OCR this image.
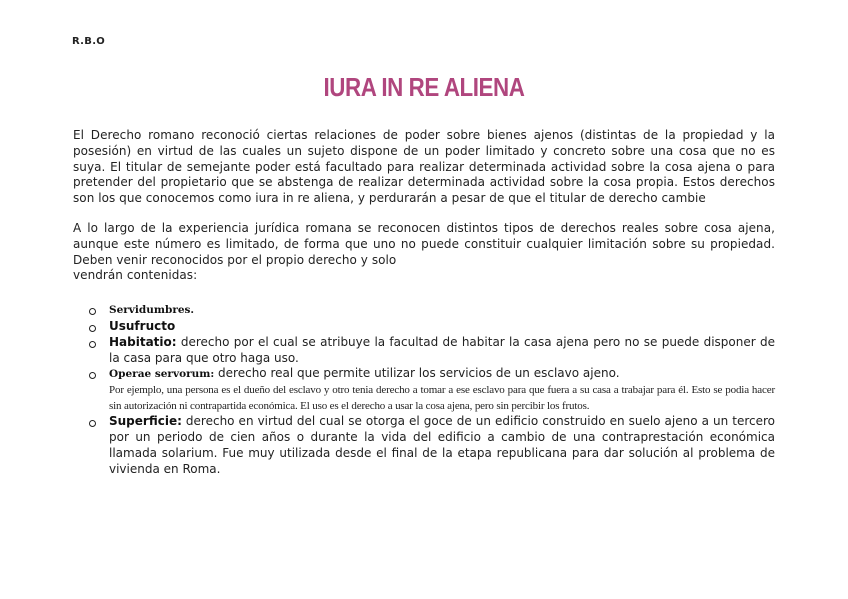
R.B.O
IURA IN RE ALIENA

El Derecho romano reconoció ciertas relaciones de poder sobre bienes ajenos (distintas de la propiedad y la posesión) en virtud de las cuales un sujeto dispone de un poder limitado y concreto sobre una cosa que no es suya. El titular de semejante poder está facultado para realizar determinada actividad sobre la cosa ajena o para pretender del propietario que se abstenga de realizar determinada actividad sobre la cosa propia. Estos derechos son los que conocemos como iura in re aliena, y perdurarán a pesar de que el titular de derecho cambie

A lo largo de la experiencia jurídica romana se reconocen distintos tipos de derechos reales sobre cosa ajena, aunque este número es limitado, de forma que uno no puede constituir cualquier limitación sobre su propiedad. Deben venir reconocidos por el propio derecho y solo
vendrán contenidas:

Servidumbres.
Usufructo
Habitatio: derecho por el cual se atribuye la facultad de habitar la casa ajena pero no se puede disponer de la casa para que otro haga uso.
Operae servorum: derecho real que permite utilizar los servicios de un esclavo ajeno.
Por ejemplo, una persona es el dueño del esclavo y otro tenia derecho a tomar a ese esclavo para que fuera a su casa a trabajar para él. Esto se podia hacer sin autorización ni contrapartida económica. El uso es el derecho a usar la cosa ajena, pero sin percibir los frutos.
Superficie: derecho en virtud del cual se otorga el goce de un edificio construido en suelo ajeno a un tercero por un periodo de cien años o durante la vida del edificio a cambio de una contraprestación económica llamada solarium. Fue muy utilizada desde el final de la etapa republicana para dar solución al problema de vivienda en Roma.
